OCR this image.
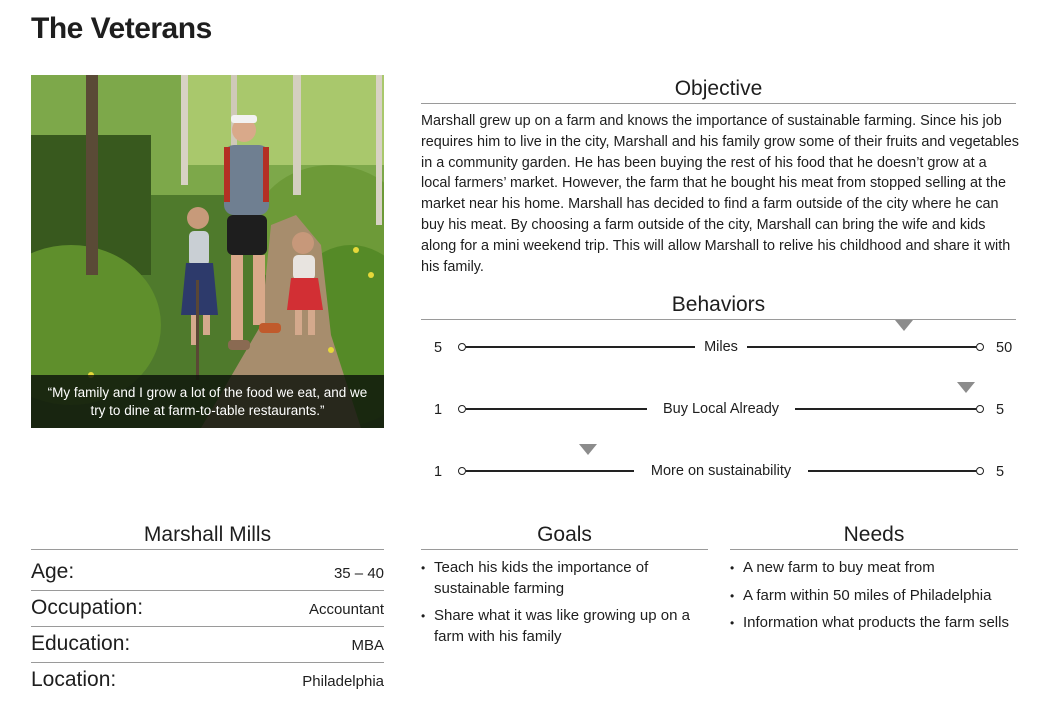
The Veterans
“My family and I grow a lot of the food we eat, and we try to dine at farm-to-table restaurants.”
Objective

Marshall grew up on a farm and knows the importance of sustainable farming. Since his job requires him to live in the city, Marshall and his family grow some of their fruits and vegetables in a community garden. He has been buying the rest of his food that he doesn’t grow at a local farmers’ market. However, the farm that he bought his meat from stopped selling at the market near his home. Marshall has decided to find a farm outside of the city where he can buy his meat. By choosing a farm outside of the city, Marshall can bring the wife and kids along for a mini weekend trip. This will allow Marshall to relive his childhood and share it with his family.

Behaviors
5	Miles	50
1	Buy Local Already	5
1	More on sustainability	5
Marshall Mills
Age:	35 – 40
Occupation:	Accountant
Education:	MBA
Location:	Philadelphia
Goals
• Teach his kids the importance of sustainable farming
• Share what it was like growing up on a farm with his family
Needs
• A new farm to buy meat from
• A farm within 50 miles of Philadelphia
• Information what products the farm sells
